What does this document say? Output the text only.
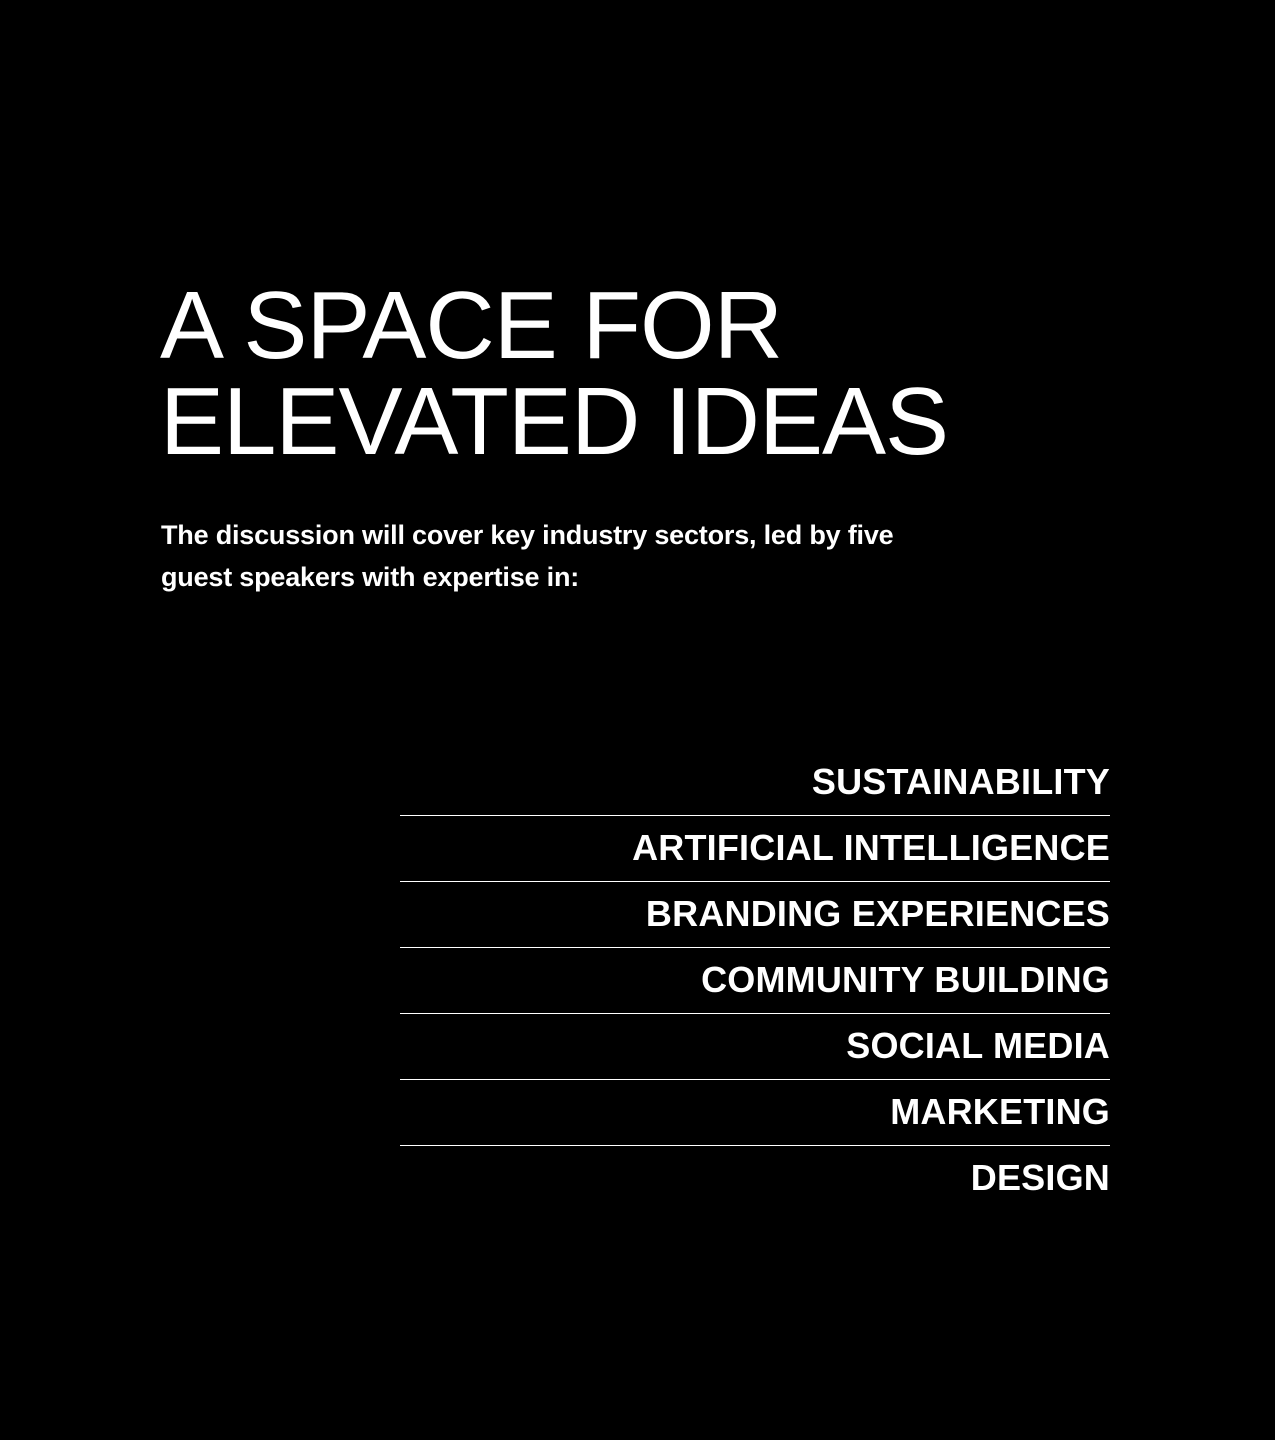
A SPACE FOR
ELEVATED IDEAS
The discussion will cover key industry sectors, led by five
guest speakers with expertise in:
SUSTAINABILITY
ARTIFICIAL INTELLIGENCE
BRANDING EXPERIENCES
COMMUNITY BUILDING
SOCIAL MEDIA
MARKETING
DESIGN
